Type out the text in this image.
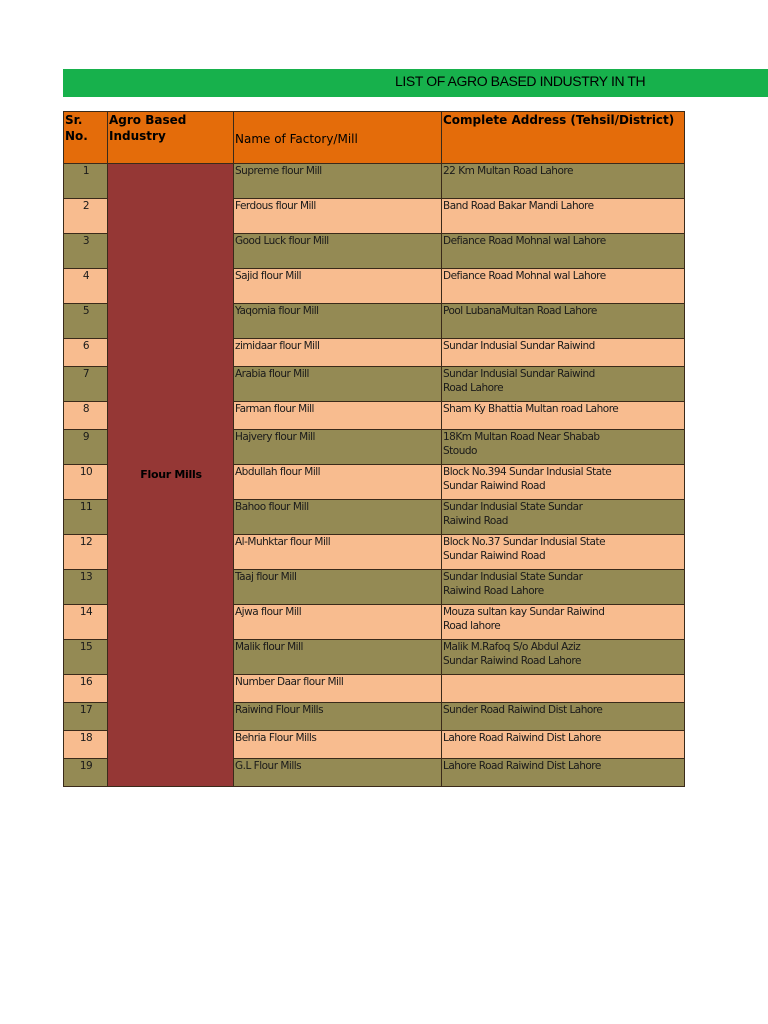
LIST OF AGRO BASED INDUSTRY IN TH
Sr. No.	Agro Based Industry	Name of Factory/Mill	Complete Address (Tehsil/District)
1	Flour Mills	Supreme flour Mill	22 Km Multan Road Lahore
2		Ferdous flour Mill	Band Road Bakar Mandi Lahore
3		Good Luck flour Mill	Defiance Road Mohnal wal Lahore
4		Sajid flour Mill	Defiance Road Mohnal wal Lahore
5		Yaqomia flour Mill	Pool LubanaMultan Road Lahore
6		zimidaar flour Mill	Sundar Indusial Sundar Raiwind
7		Arabia flour Mill	Sundar Indusial Sundar Raiwind
Road Lahore
8		Farman flour Mill	Sham Ky Bhattia Multan road Lahore
9		Hajvery flour Mill	18Km Multan Road Near Shabab
Stoudo
10		Abdullah flour Mill	Block No.394 Sundar Indusial State
Sundar Raiwind Road
11		Bahoo flour Mill	Sundar Indusial State Sundar
Raiwind Road
12		Al-Muhktar flour Mill	Block No.37 Sundar Indusial State
Sundar Raiwind Road
13		Taaj flour Mill	Sundar Indusial State Sundar
Raiwind Road Lahore
14		Ajwa flour Mill	Mouza sultan kay Sundar Raiwind
Road lahore
15		Malik flour Mill	Malik M.Rafoq S/o Abdul Aziz
Sundar Raiwind Road Lahore
16		Number Daar flour Mill	
17		Raiwind Flour Mills	Sunder Road Raiwind Dist Lahore
18		Behria Flour Mills	Lahore Road Raiwind Dist Lahore
19		G.L Flour Mills	Lahore Road Raiwind Dist Lahore
